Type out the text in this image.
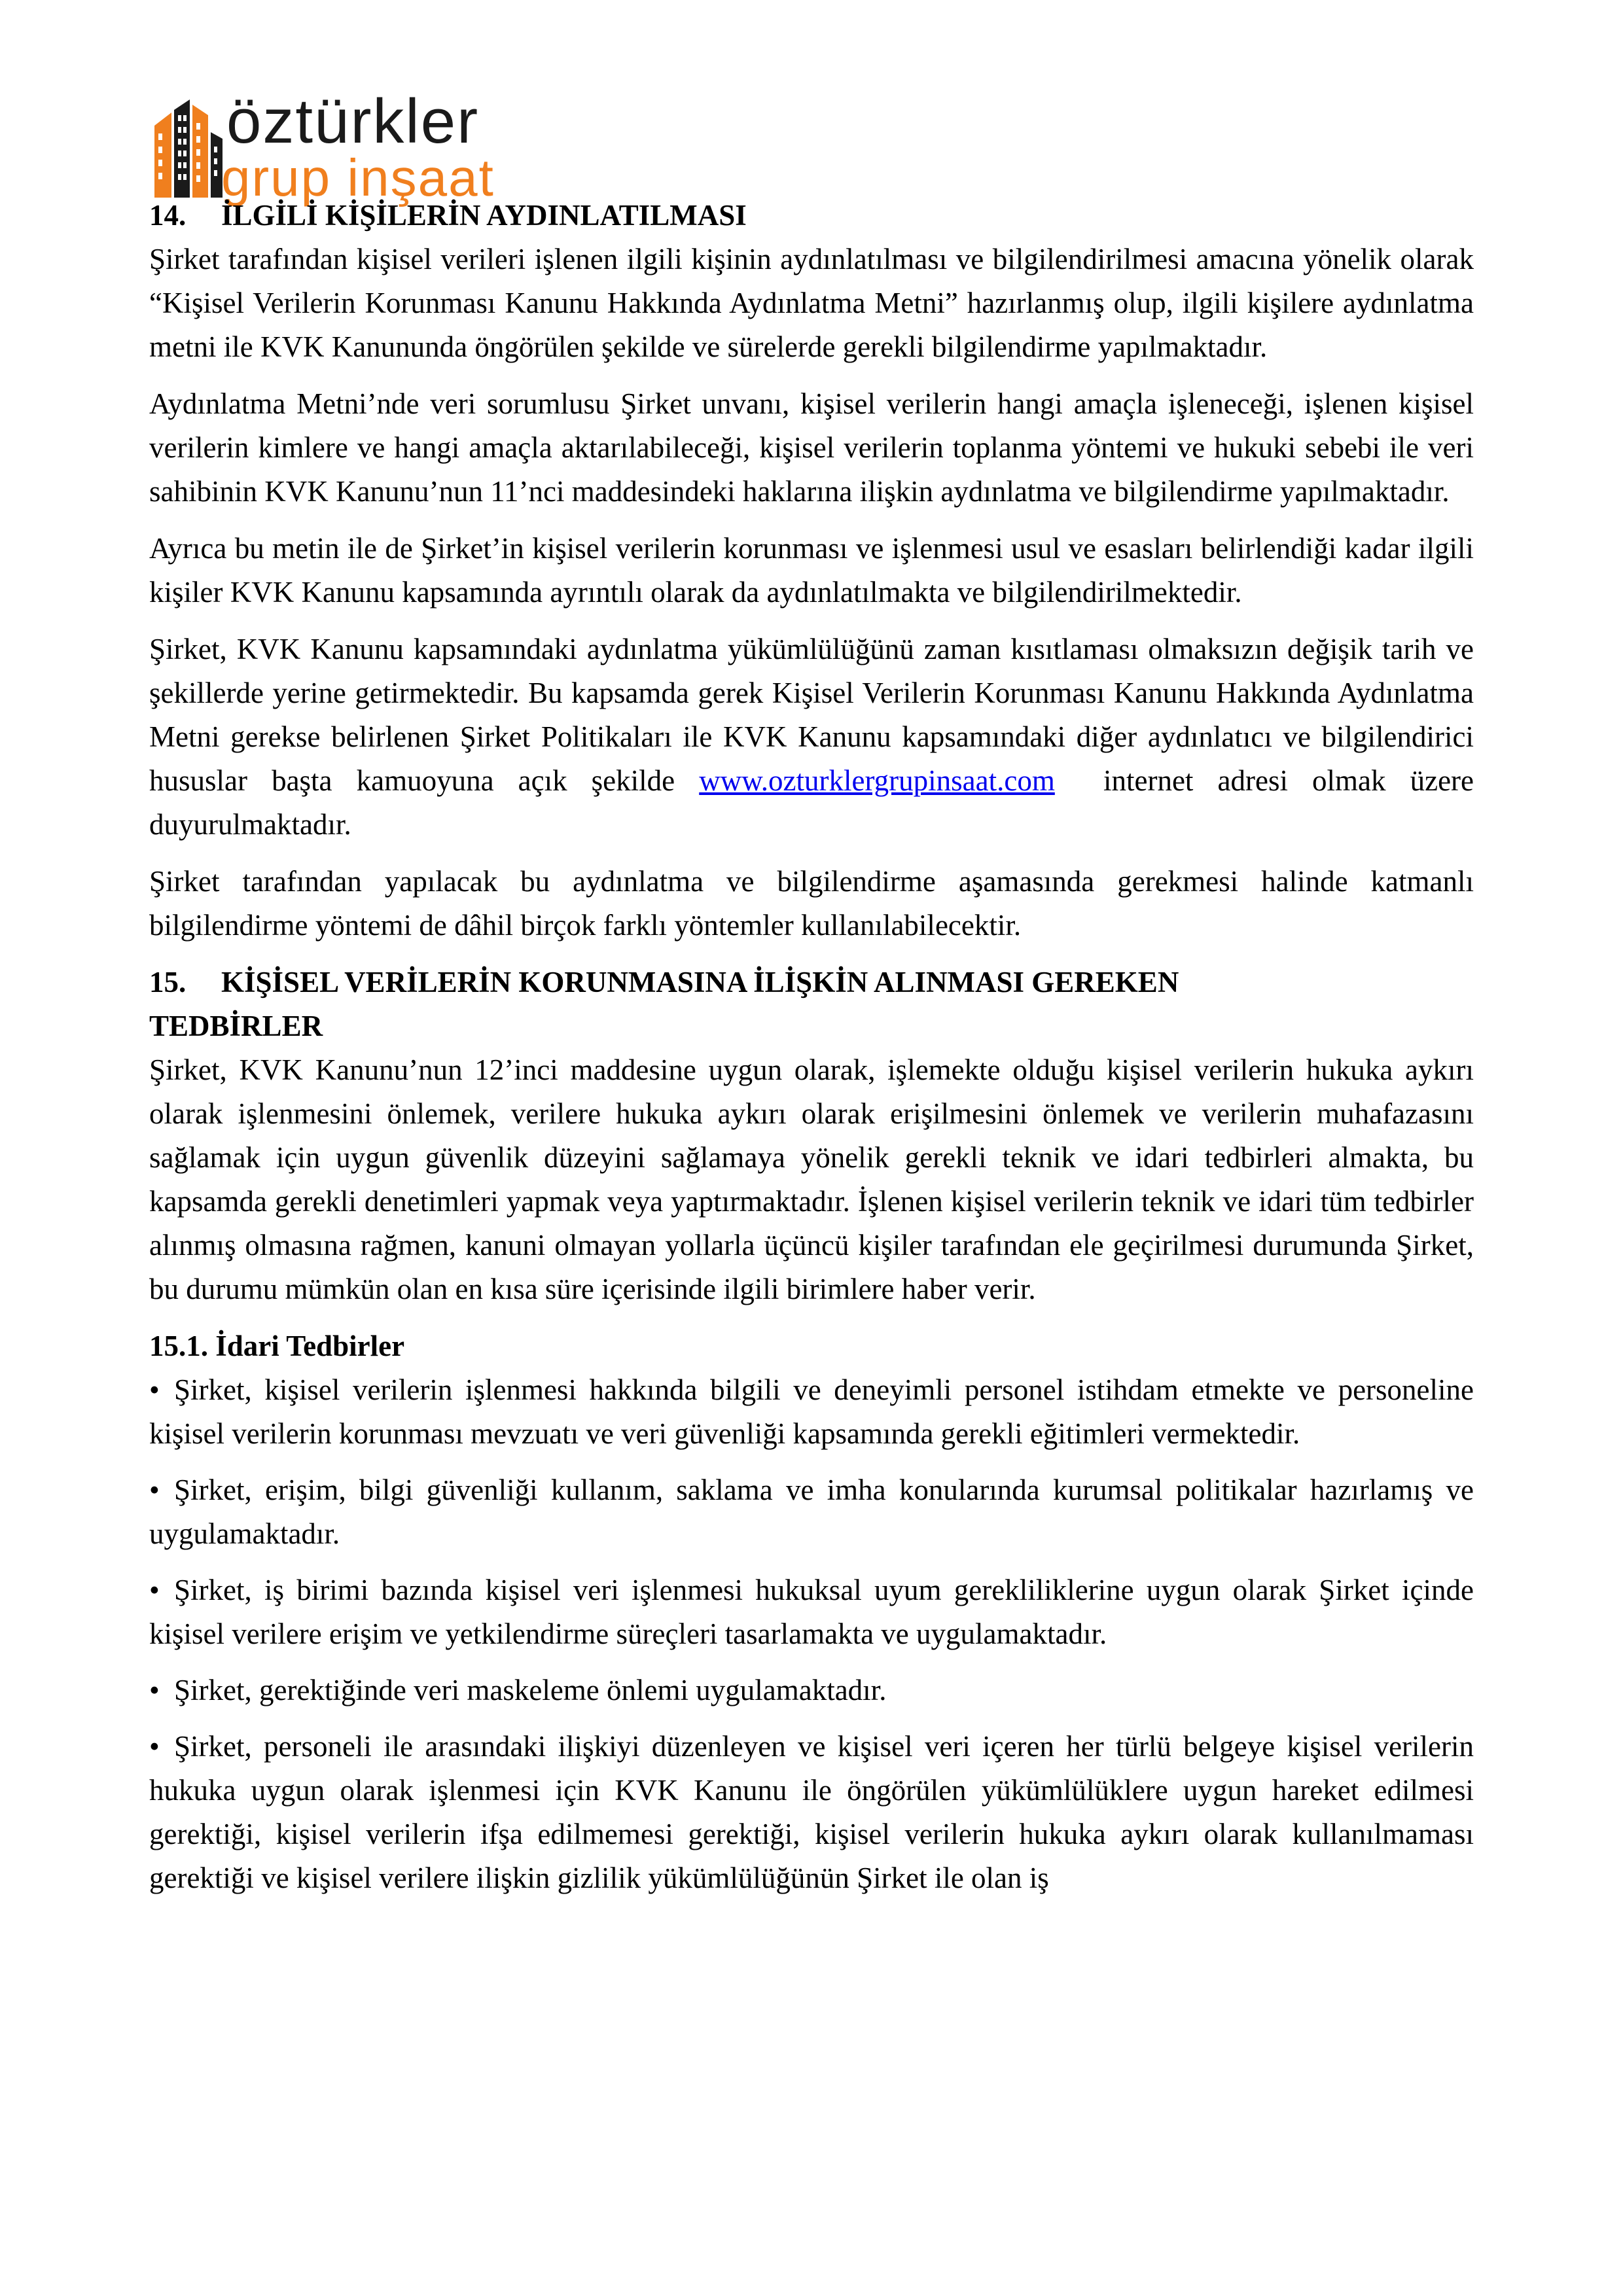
öztürkler
grup inşaat
14. İLGİLİ KİŞİLERİN AYDINLATILMASI

Şirket tarafından kişisel verileri işlenen ilgili kişinin aydınlatılması ve bilgilendirilmesi amacına yönelik olarak “Kişisel Verilerin Korunması Kanunu Hakkında Aydınlatma Metni” hazırlanmış olup, ilgili kişilere aydınlatma metni ile KVK Kanununda öngörülen şekilde ve sürelerde gerekli bilgilendirme yapılmaktadır.

Aydınlatma Metni’nde veri sorumlusu Şirket unvanı, kişisel verilerin hangi amaçla işleneceği, işlenen kişisel verilerin kimlere ve hangi amaçla aktarılabileceği, kişisel verilerin toplanma yöntemi ve hukuki sebebi ile veri sahibinin KVK Kanunu’nun 11’nci maddesindeki haklarına ilişkin aydınlatma ve bilgilendirme yapılmaktadır.

Ayrıca bu metin ile de Şirket’in kişisel verilerin korunması ve işlenmesi usul ve esasları belirlendiği kadar ilgili kişiler KVK Kanunu kapsamında ayrıntılı olarak da aydınlatılmakta ve bilgilendirilmektedir.

Şirket, KVK Kanunu kapsamındaki aydınlatma yükümlülüğünü zaman kısıtlaması olmaksızın değişik tarih ve şekillerde yerine getirmektedir. Bu kapsamda gerek Kişisel Verilerin Korunması Kanunu Hakkında Aydınlatma Metni gerekse belirlenen Şirket Politikaları ile KVK Kanunu kapsamındaki diğer aydınlatıcı ve bilgilendirici hususlar başta kamuoyuna açık şekilde www.ozturklergrupinsaat.com  internet adresi olmak üzere duyurulmaktadır.

Şirket tarafından yapılacak bu aydınlatma ve bilgilendirme aşamasında gerekmesi halinde katmanlı bilgilendirme yöntemi de dâhil birçok farklı yöntemler kullanılabilecektir.

15. KİŞİSEL VERİLERİN KORUNMASINA İLİŞKİN ALINMASI GEREKEN
TEDBİRLER

Şirket, KVK Kanunu’nun 12’inci maddesine uygun olarak, işlemekte olduğu kişisel verilerin hukuka aykırı olarak işlenmesini önlemek, verilere hukuka aykırı olarak erişilmesini önlemek ve verilerin muhafazasını sağlamak için uygun güvenlik düzeyini sağlamaya yönelik gerekli teknik ve idari tedbirleri almakta, bu kapsamda gerekli denetimleri yapmak veya yaptırmaktadır. İşlenen kişisel verilerin teknik ve idari tüm tedbirler alınmış olmasına rağmen, kanuni olmayan yollarla üçüncü kişiler tarafından ele geçirilmesi durumunda Şirket, bu durumu mümkün olan en kısa süre içerisinde ilgili birimlere haber verir.

15.1. İdari Tedbirler

• Şirket, kişisel verilerin işlenmesi hakkında bilgili ve deneyimli personel istihdam etmekte ve personeline kişisel verilerin korunması mevzuatı ve veri güvenliği kapsamında gerekli eğitimleri vermektedir.

• Şirket, erişim, bilgi güvenliği kullanım, saklama ve imha konularında kurumsal politikalar hazırlamış ve uygulamaktadır.

• Şirket, iş birimi bazında kişisel veri işlenmesi hukuksal uyum gerekliliklerine uygun olarak Şirket içinde kişisel verilere erişim ve yetkilendirme süreçleri tasarlamakta ve uygulamaktadır.

• Şirket, gerektiğinde veri maskeleme önlemi uygulamaktadır.

• Şirket, personeli ile arasındaki ilişkiyi düzenleyen ve kişisel veri içeren her türlü belgeye kişisel verilerin hukuka uygun olarak işlenmesi için KVK Kanunu ile öngörülen yükümlülüklere uygun hareket edilmesi gerektiği, kişisel verilerin ifşa edilmemesi gerektiği, kişisel verilerin hukuka aykırı olarak kullanılmaması gerektiği ve kişisel verilere ilişkin gizlilik yükümlülüğünün Şirket ile olan iş
